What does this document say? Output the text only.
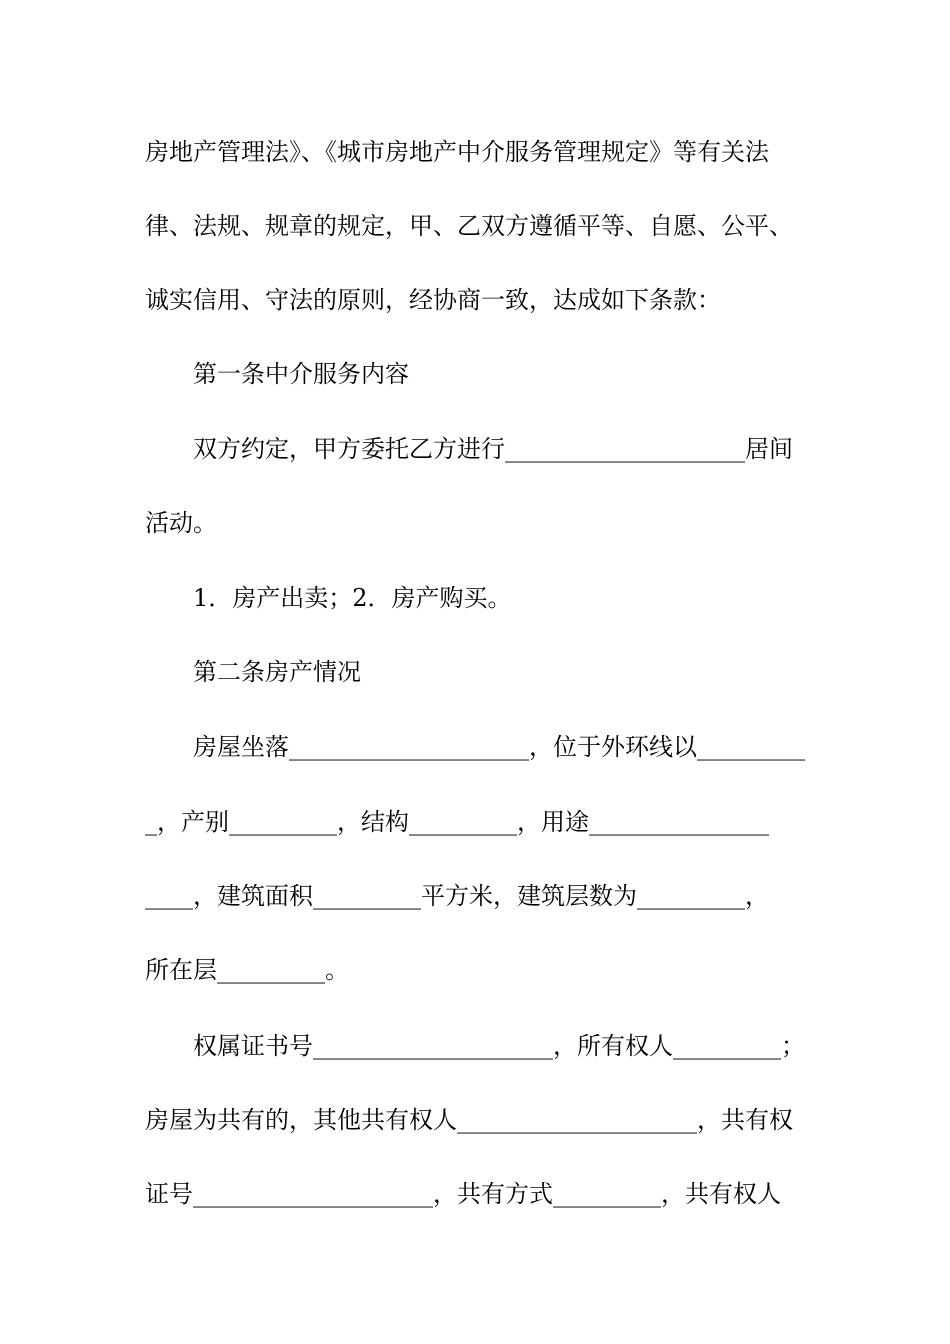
房地产管理法》、《城市房地产中介服务管理规定》等有关法
律、法规、规章的规定，甲、乙双方遵循平等、自愿、公平、
诚实信用、守法的原则，经协商一致，达成如下条款：
第一条中介服务内容
双方约定，甲方委托乙方进行____________________居间
活动。
1．房产出卖；2．房产购买。
第二条房产情况
房屋坐落____________________，位于外环线以_________
_，产别_________，结构_________，用途_______________
____，建筑面积_________平方米，建筑层数为_________，
所在层_________。
权属证书号____________________，所有权人_________；
房屋为共有的，其他共有权人____________________，共有权
证号____________________，共有方式_________，共有权人
